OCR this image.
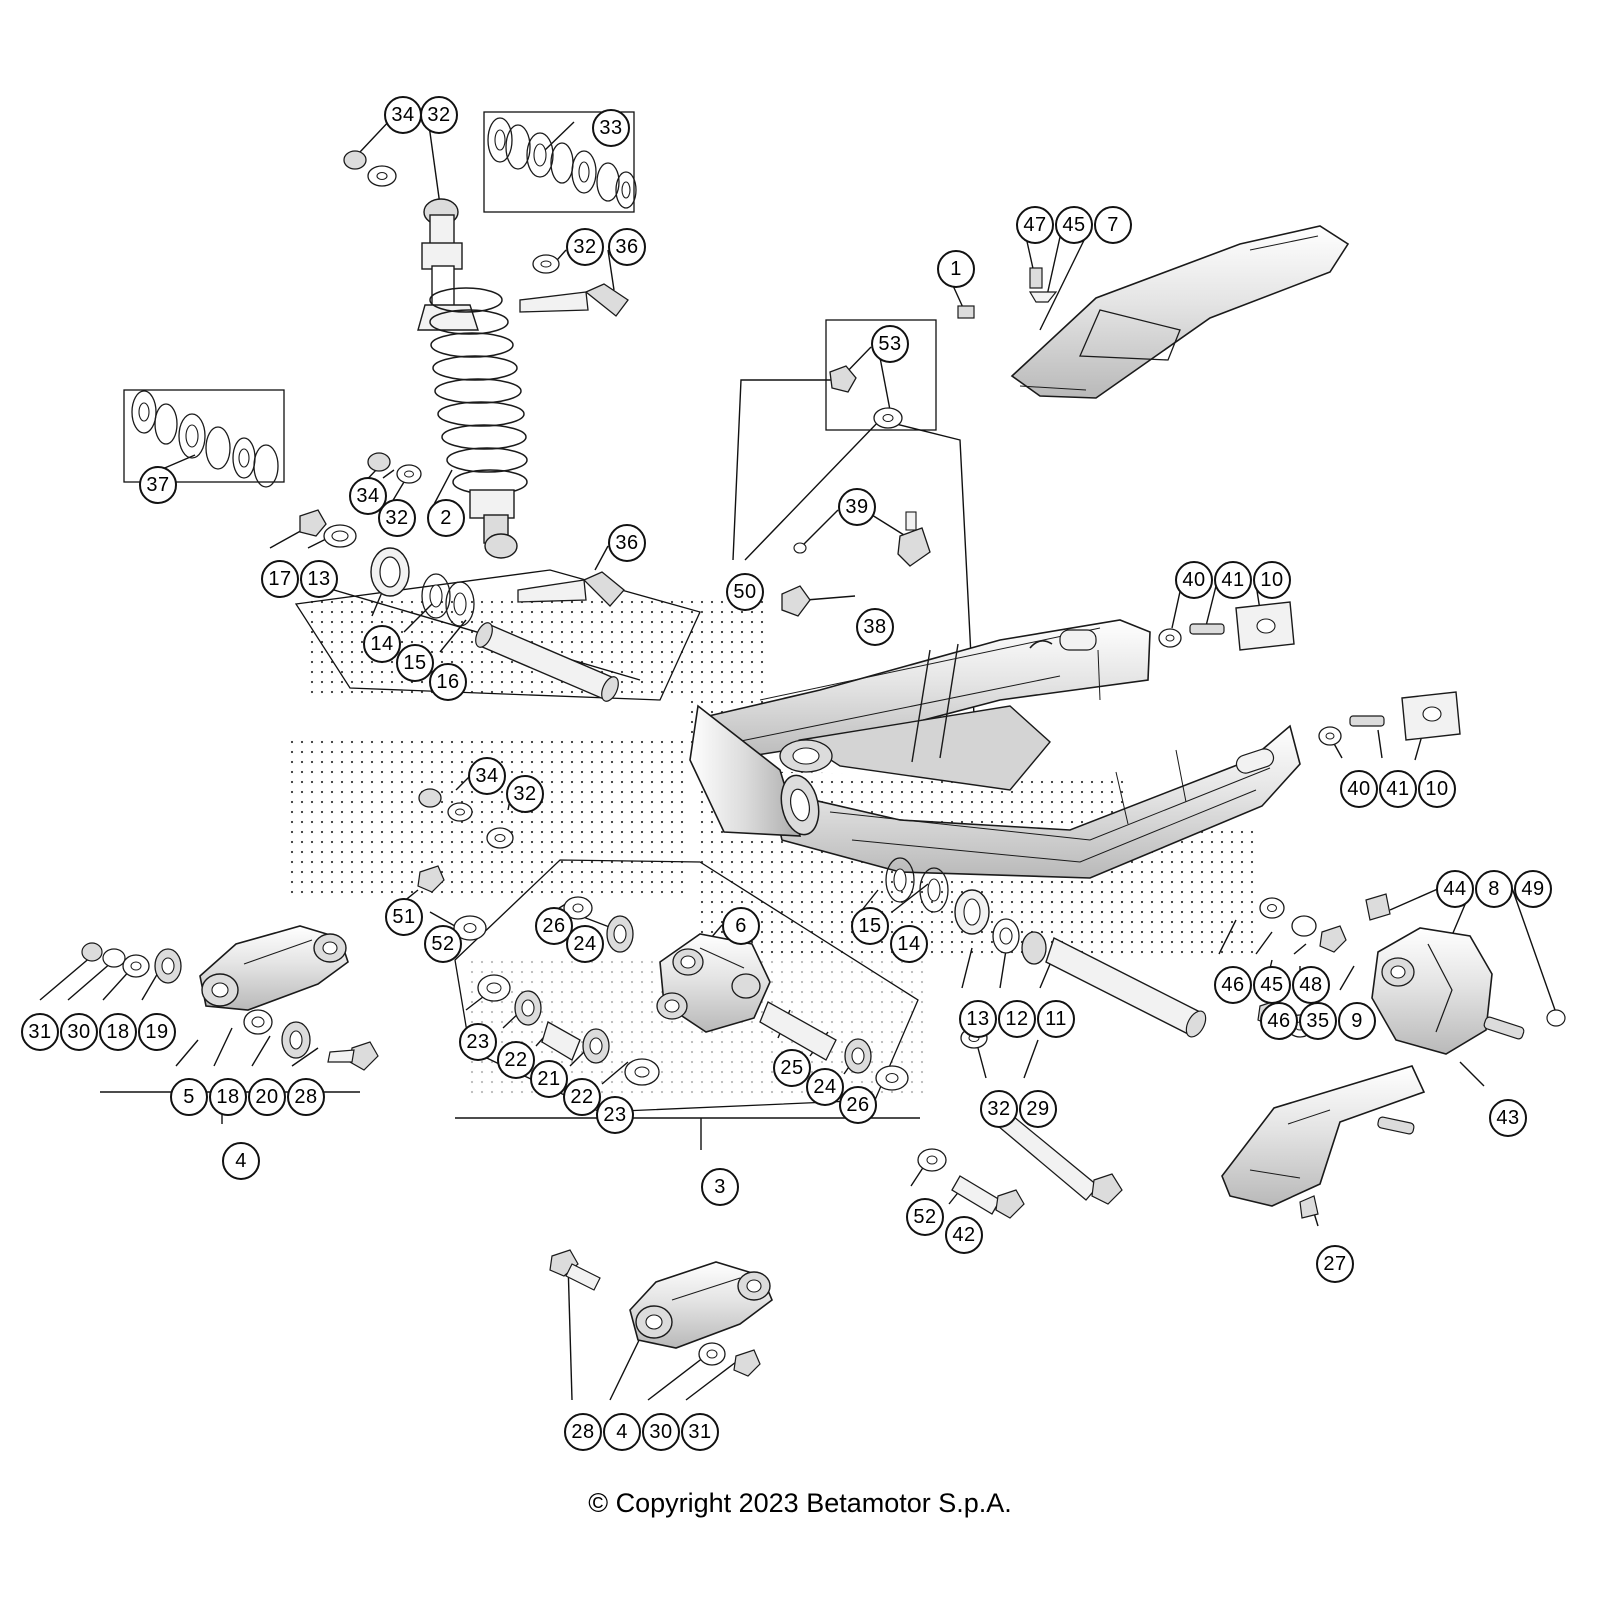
34 32
33
47 45	7
32 36
1
53
37	34	39
32	2
36
17 13	40 41 10
50
38
14
15
16
40 41 10
34
32
44	8	49
51	26	6	15
52	24	14
46 45 48
31 30 18 19
13 12 11	46 35	9
23
22
21
22
23
25
24
26
5	18 20 28
43
32 29
4
3
52
42
27
28	4	30 31
© Copyright 2023 Betamotor S.p.A.
